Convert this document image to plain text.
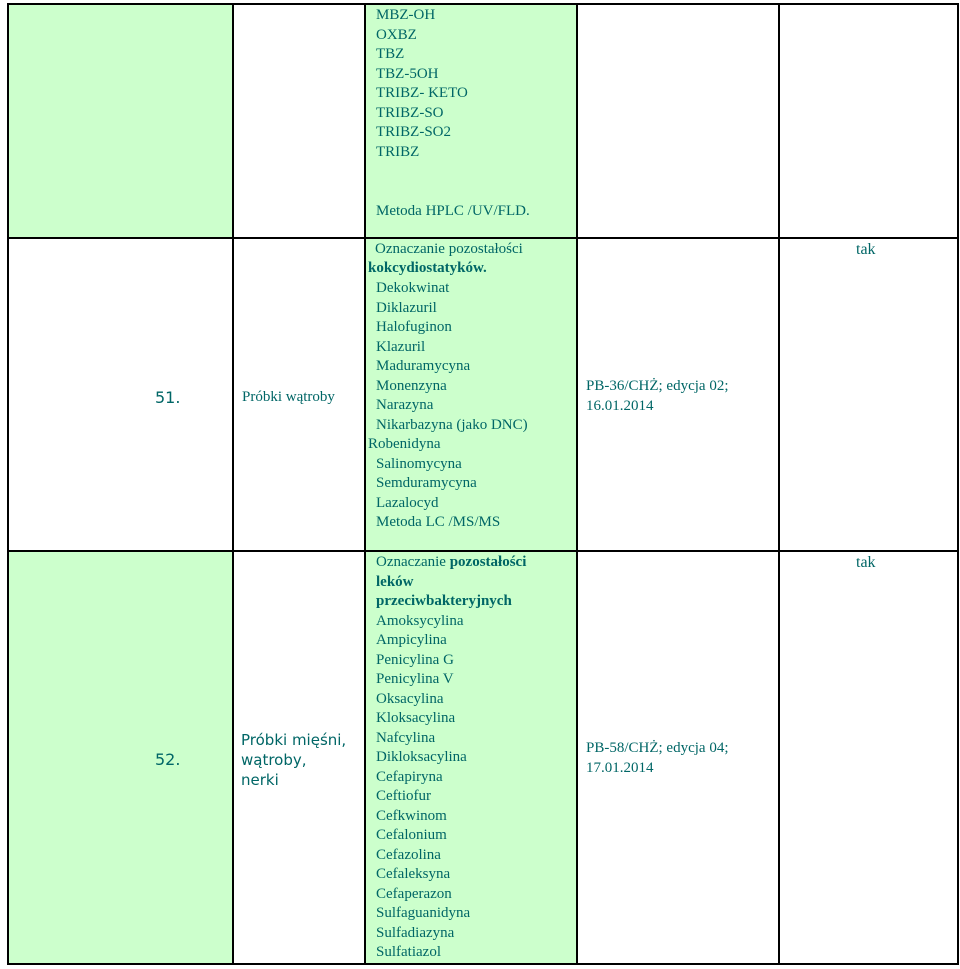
MBZ-OH
OXBZ
TBZ
TBZ-5OH
TRIBZ- KETO
TRIBZ-SO
TRIBZ-SO2
TRIBZ
Metoda HPLC /UV/FLD.
51.	Próbki wątroby
Oznaczanie pozostałości
kokcydiostatyków.
Dekokwinat
Diklazuril
Halofuginon
Klazuril
Maduramycyna
Monenzyna
Narazyna
Nikarbazyna (jako DNC)
Robenidyna
Salinomycyna
Semduramycyna
Lazalocyd
Metoda LC /MS/MS
PB-36/CHŻ; edycja 02;
16.01.2014
tak
52.
Próbki mięśni,
wątroby,
nerki
Oznaczanie pozostałości
leków
przeciwbakteryjnych
Amoksycylina
Ampicylina
Penicylina G
Penicylina V
Oksacylina
Kloksacylina
Nafcylina
Dikloksacylina
Cefapiryna
Ceftiofur
Cefkwinom
Cefalonium
Cefazolina
Cefaleksyna
Cefaperazon
Sulfaguanidyna
Sulfadiazyna
Sulfatiazol
PB-58/CHŻ; edycja 04;
17.01.2014
tak
